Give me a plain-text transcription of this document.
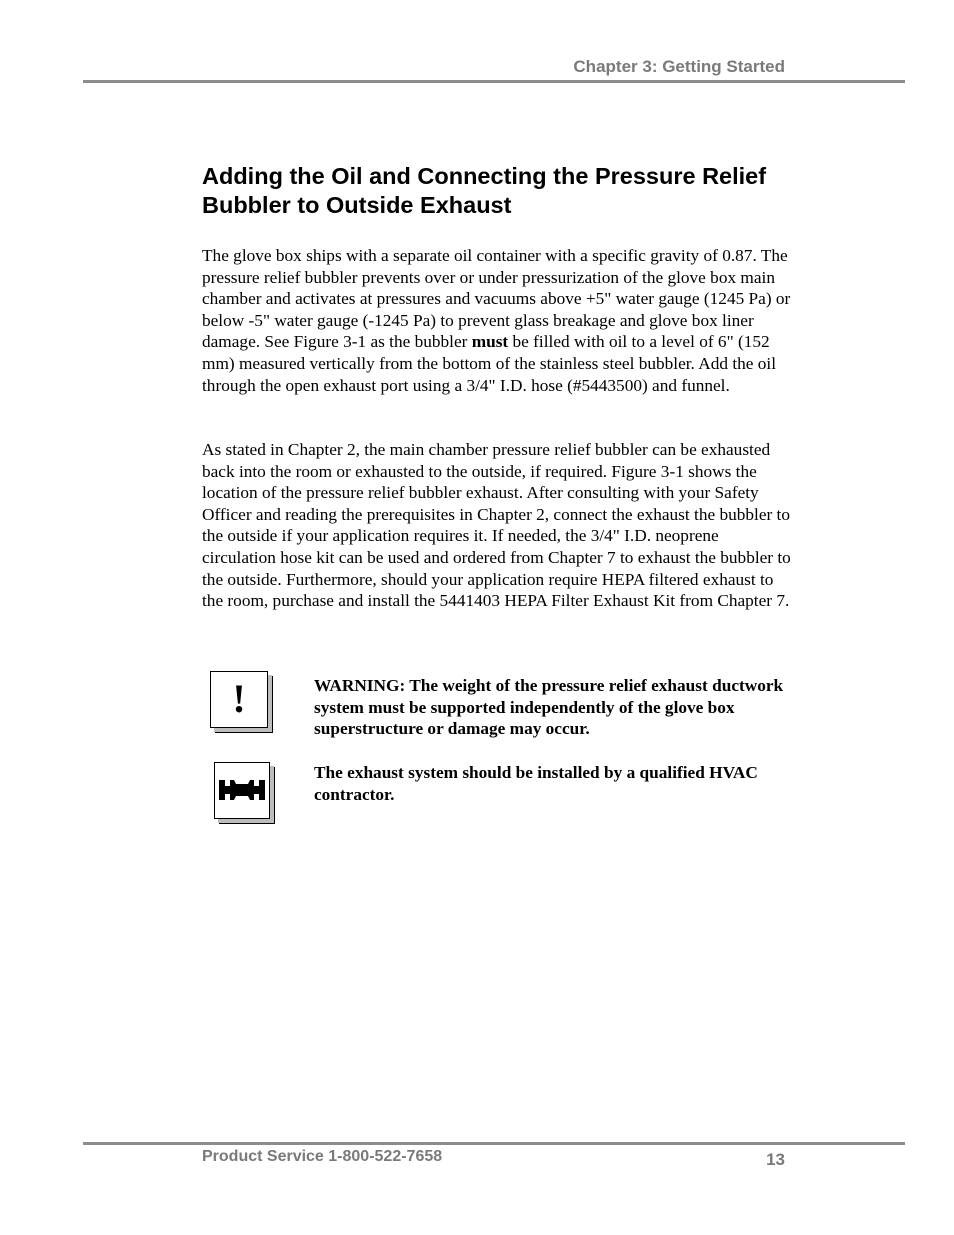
Chapter 3: Getting Started
Adding the Oil and Connecting the Pressure Relief Bubbler to Outside Exhaust

The glove box ships with a separate oil container with a specific gravity of 0.87. The pressure relief bubbler prevents over or under pressurization of the glove box main chamber and activates at pressures and vacuums above +5" water gauge (1245 Pa) or below -5" water gauge (-1245 Pa) to prevent glass breakage and glove box liner damage. See Figure 3-1 as the bubbler must be filled with oil to a level of 6" (152 mm) measured vertically from the bottom of the stainless steel bubbler. Add the oil through the open exhaust port using a 3/4" I.D. hose (#5443500) and funnel.

As stated in Chapter 2, the main chamber pressure relief bubbler can be exhausted back into the room or exhausted to the outside, if required. Figure 3-1 shows the location of the pressure relief bubbler exhaust. After consulting with your Safety Officer and reading the prerequisites in Chapter 2, connect the exhaust the bubbler to the outside if your application requires it. If needed, the 3/4" I.D. neoprene circulation hose kit can be used and ordered from Chapter 7 to exhaust the bubbler to the outside. Furthermore, should your application require HEPA filtered exhaust to the room, purchase and install the 5441403 HEPA Filter Exhaust Kit from Chapter 7.

!	WARNING: The weight of the pressure relief exhaust ductwork system must be supported independently of the glove box superstructure or damage may occur.

The exhaust system should be installed by a qualified HVAC contractor.

Product Service 1-800-522-7658	13
